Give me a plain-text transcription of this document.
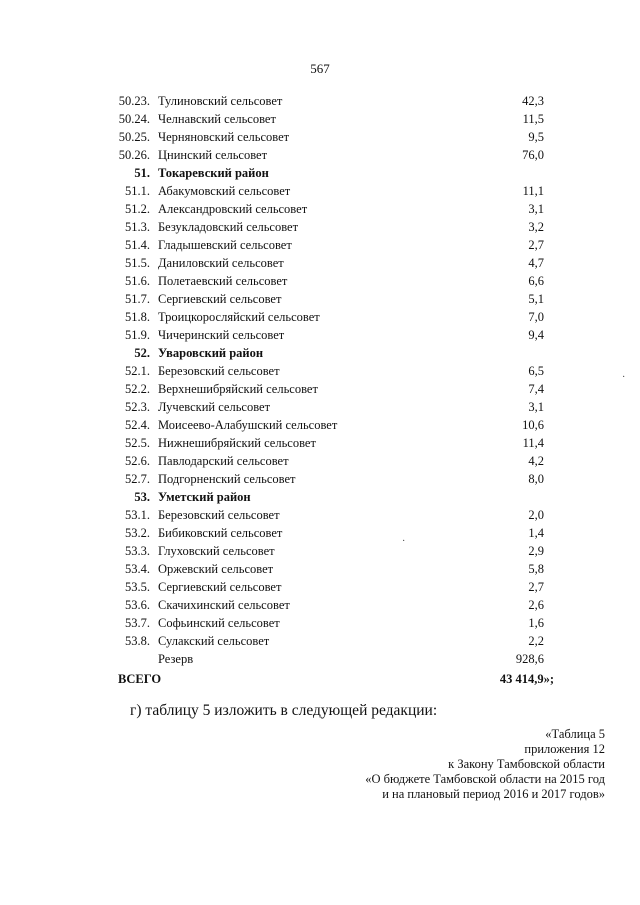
567
50.23. Тулиновский сельсовет	42,3
50.24. Челнавский сельсовет	11,5
50.25. Черняновский сельсовет	9,5
50.26. Цнинский сельсовет	76,0
51. Токаревский район
51.1. Абакумовский сельсовет	11,1
51.2. Александровский сельсовет	3,1
51.3. Безукладовский сельсовет	3,2
51.4. Гладышевский сельсовет	2,7
51.5. Даниловский сельсовет	4,7
51.6. Полетаевский сельсовет	6,6
51.7. Сергиевский сельсовет	5,1
51.8. Троицкоросляйский сельсовет	7,0
51.9. Чичеринский сельсовет	9,4
52. Уваровский район
52.1. Березовский сельсовет	6,5
52.2. Верхнешибряйский сельсовет	7,4
52.3. Лучевский сельсовет	3,1
52.4. Моисеево-Алабушский сельсовет	10,6
52.5. Нижнешибряйский сельсовет	11,4
52.6. Павлодарский сельсовет	4,2
52.7. Подгорненский сельсовет	8,0
53. Уметский район
53.1. Березовский сельсовет	2,0
53.2. Бибиковский сельсовет	1,4
53.3. Глуховский сельсовет	2,9
53.4. Оржевский сельсовет	5,8
53.5. Сергиевский сельсовет	2,7
53.6. Скачихинский сельсовет	2,6
53.7. Софьинский сельсовет	1,6
53.8. Сулакский сельсовет	2,2
Резерв	928,6
ВСЕГО	43 414,9»;
г) таблицу 5 изложить в следующей редакции:
«Таблица 5
приложения 12
к Закону Тамбовской области
«О бюджете Тамбовской области на 2015 год
и на плановый период 2016 и 2017 годов»
·
·
